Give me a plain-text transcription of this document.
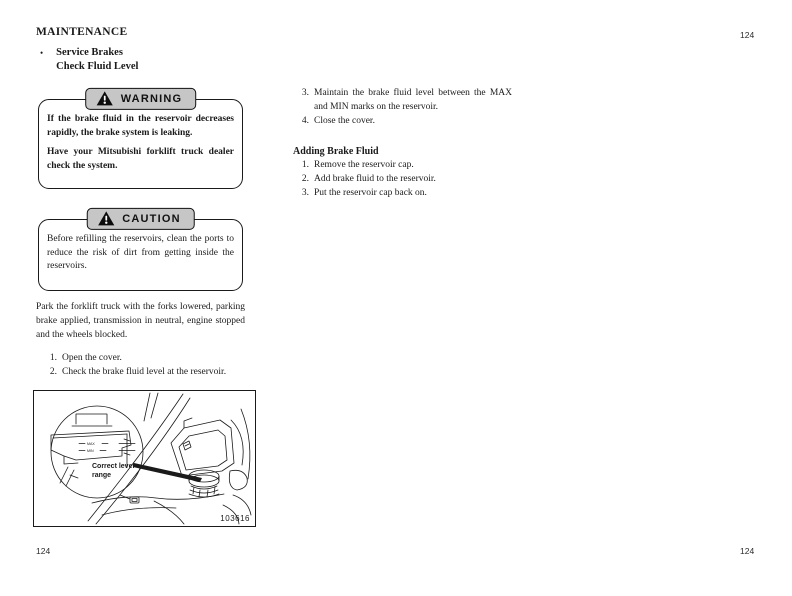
MAINTENANCE	124
• Service Brakes
Check Fluid Level
WARNING

If the brake fluid in the reservoir decreases rapidly, the brake system is leaking.

Have your Mitsubishi forklift truck dealer check the system.

CAUTION

Before refilling the reservoirs, clean the ports to reduce the risk of dirt from getting inside the reservoirs.

Park the forklift truck with the forks lowered, parking brake applied, transmission in neutral, engine stopped and the wheels blocked.

1. Open the cover.
2. Check the brake fluid level at the reservoir.
3. Maintain the brake fluid level between the MAX and MIN marks on the reservoir.
4. Close the cover.
Adding Brake Fluid
1. Remove the reservoir cap.
2. Add brake fluid to the reservoir.
3. Put the reservoir cap back on.
MAX
MIN
Correct level
range
103616
124	124
